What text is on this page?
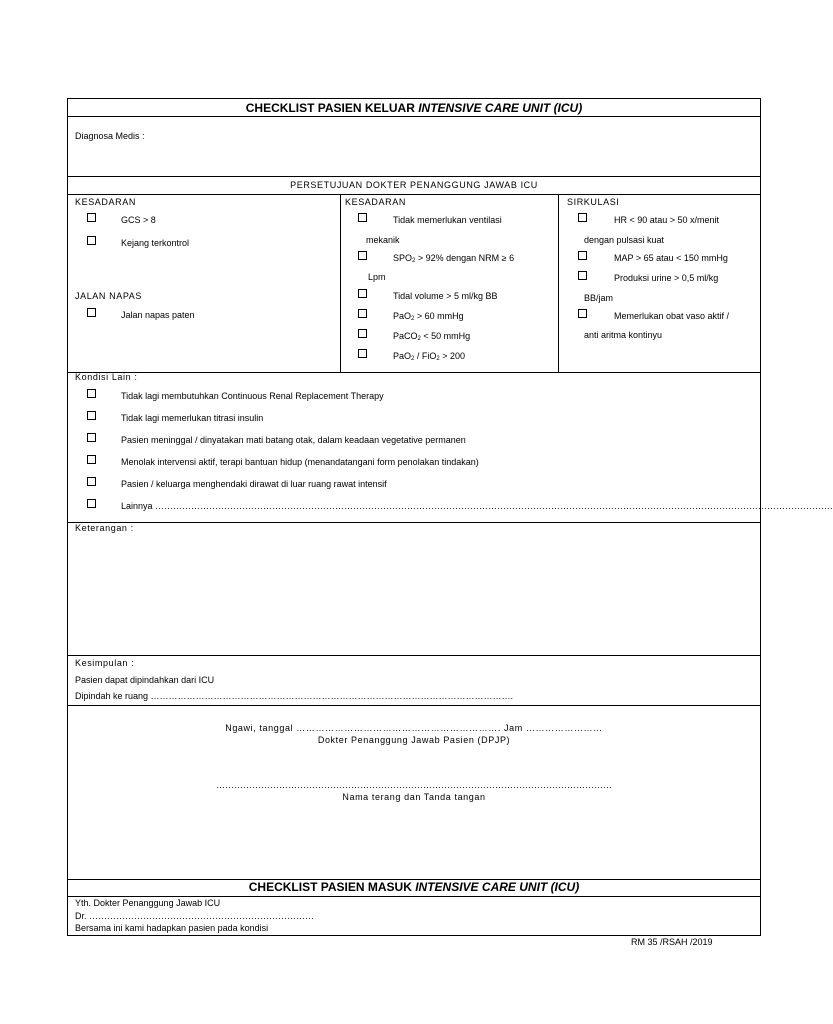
CHECKLIST PASIEN KELUAR INTENSIVE CARE UNIT (ICU)
Diagnosa Medis :
PERSETUJUAN DOKTER PENANGGUNG JAWAB ICU
KESADARAN
GCS > 8
Kejang terkontrol
JALAN NAPAS
Jalan napas paten
KESADARAN
Tidak memerlukan ventilasi
mekanik
$SPO_2 > 92\%$ dengan NRM ≥ 6
Lpm
Tidal volume > 5 ml/kg BB
PaO$_2$ > 60 mmHg
PaCO$_2$ < 50 mmHg
PaO$_2$ / FiO$_2$ > 200
SIRKULASI
HR < 90 atau > 50 x/menit
dengan pulsasi kuat
MAP > 65 atau < 150 mmHg
Produksi urine > 0,5 ml/kg
BB/jam
Memerlukan obat vaso aktif /
anti aritma kontinyu
Kondisi Lain :
Tidak lagi membutuhkan Continuous Renal Replacement Therapy
Tidak lagi memerlukan titrasi insulin
Pasien meninggal / dinyatakan mati batang otak, dalam keadaan vegetative permanen
Menolak intervensi aktif, terapi bantuan hidup (menandatangani form penolakan tindakan)
Pasien / keluarga menghendaki dirawat di luar ruang rawat intensif
Lainnya ……………………………………………………………………………………………………………………………………………………………………………………………………….
Keterangan :
Kesimpulan :
Pasien dapat dipindahkan dari ICU
Dipindah ke ruang ………………………………………………………………………………………………………….
Ngawi, tanggal ………………………………………………………. Jam ……………………
Dokter Penanggung Jawab Pasien (DPJP)
……………………………………………………………………………………………………………………
Nama terang dan Tanda tangan
CHECKLIST PASIEN MASUK INTENSIVE CARE UNIT (ICU)
Yth. Dokter Penanggung Jawab ICU
Dr. …………………………………………………………………
Bersama ini kami hadapkan pasien pada kondisi
RM 35 /RSAH /2019
